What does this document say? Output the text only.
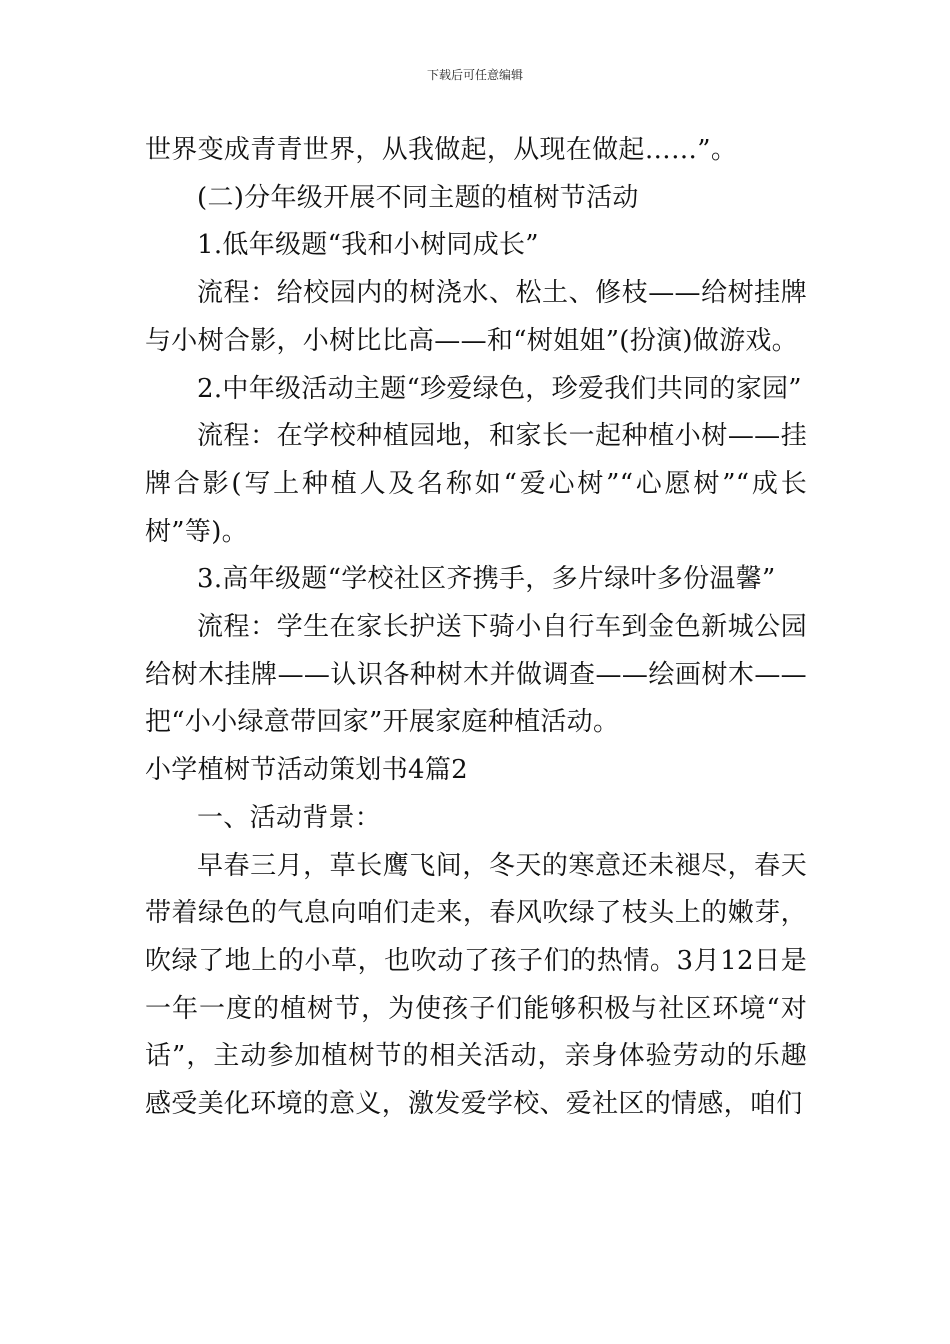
下载后可任意编辑

世界变成青青世界，从我做起，从现在做起……”。

(二)分年级开展不同主题的植树节活动

1.低年级题“我和小树同成长”

流程：给校园内的树浇水、松土、修枝——给树挂牌与小树合影，小树比比高——和“树姐姐”(扮演)做游戏。

2.中年级活动主题“珍爱绿色，珍爱我们共同的家园”

流程：在学校种植园地，和家长一起种植小树——挂牌合影(写上种植人及名称如“爱心树”“心愿树”“成长树”等)。

3.高年级题“学校社区齐携手，多片绿叶多份温馨”

流程：学生在家长护送下骑小自行车到金色新城公园给树木挂牌——认识各种树木并做调查——绘画树木——把“小小绿意带回家”开展家庭种植活动。

小学植树节活动策划书4篇2

一、活动背景：

早春三月，草长鹰飞间，冬天的寒意还未褪尽，春天带着绿色的气息向咱们走来，春风吹绿了枝头上的嫩芽，吹绿了地上的小草，也吹动了孩子们的热情。3月12日是一年一度的植树节，为使孩子们能够积极与社区环境“对话”，主动参加植树节的相关活动，亲身体验劳动的乐趣感受美化环境的意义，激发爱学校、爱社区的情感，咱们
